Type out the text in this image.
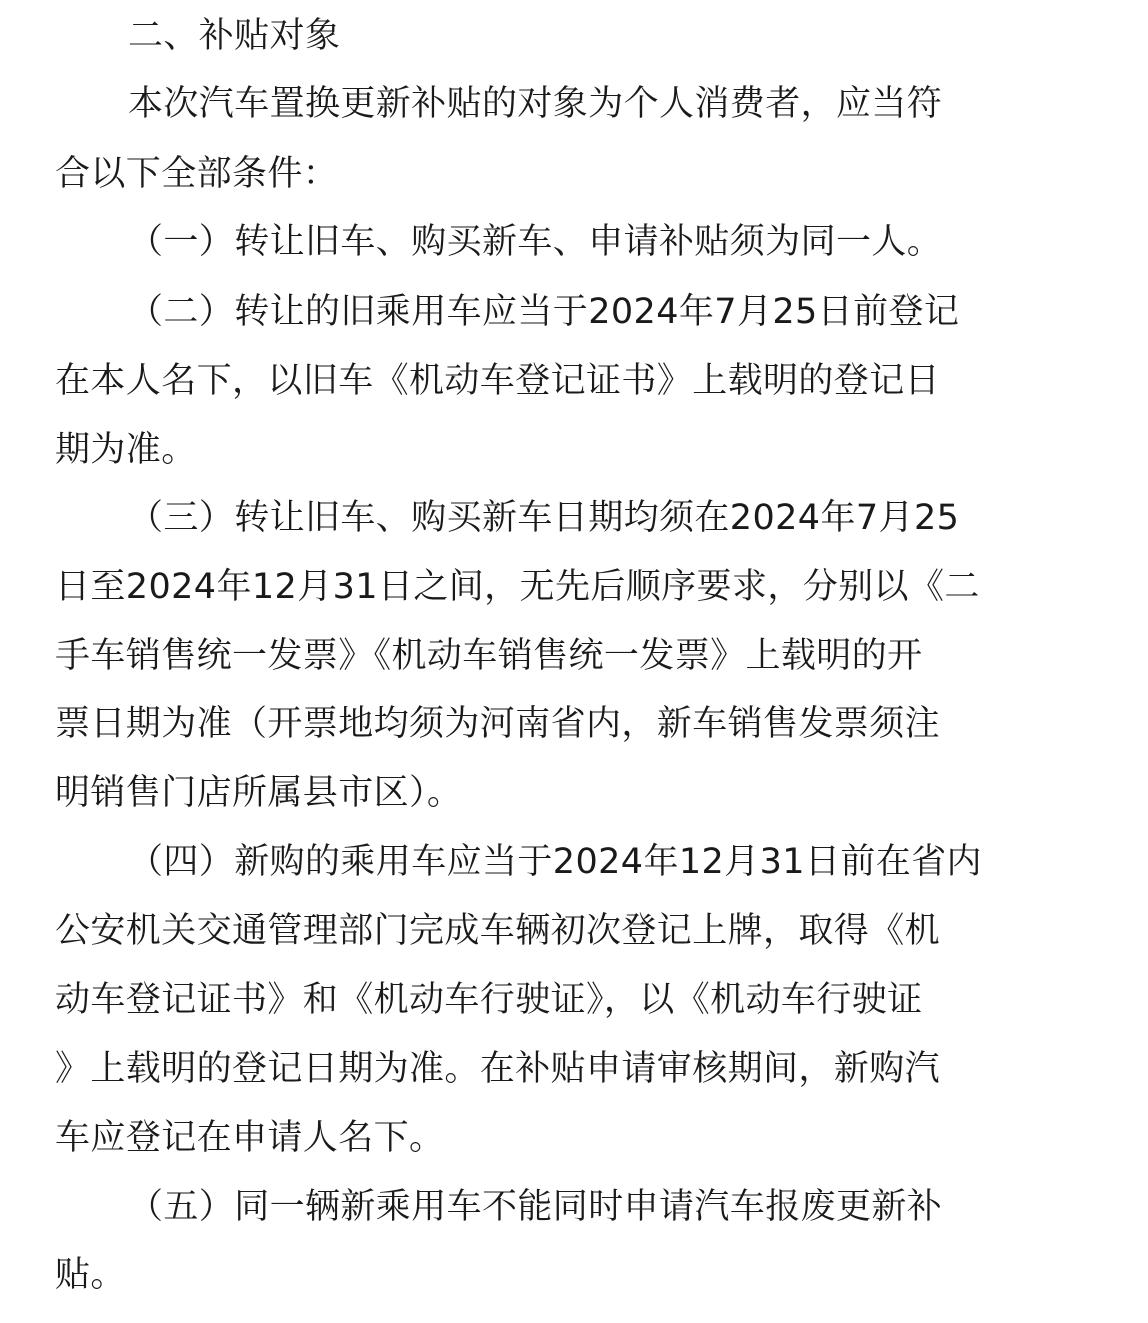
二、补贴对象

本次汽车置换更新补贴的对象为个人消费者，应当符

合以下全部条件：

（一）转让旧车、购买新车、申请补贴须为同一人。

（二）转让的旧乘用车应当于2024年7月25日前登记

在本人名下，以旧车《机动车登记证书》上载明的登记日

期为准。

（三）转让旧车、购买新车日期均须在2024年7月25

日至2024年12月31日之间，无先后顺序要求，分别以《二

手车销售统一发票》《机动车销售统一发票》上载明的开

票日期为准（开票地均须为河南省内，新车销售发票须注

明销售门店所属县市区）。

（四）新购的乘用车应当于2024年12月31日前在省内

公安机关交通管理部门完成车辆初次登记上牌，取得《机

动车登记证书》和《机动车行驶证》，以《机动车行驶证

》上载明的登记日期为准。在补贴申请审核期间，新购汽

车应登记在申请人名下。

（五）同一辆新乘用车不能同时申请汽车报废更新补

贴。
